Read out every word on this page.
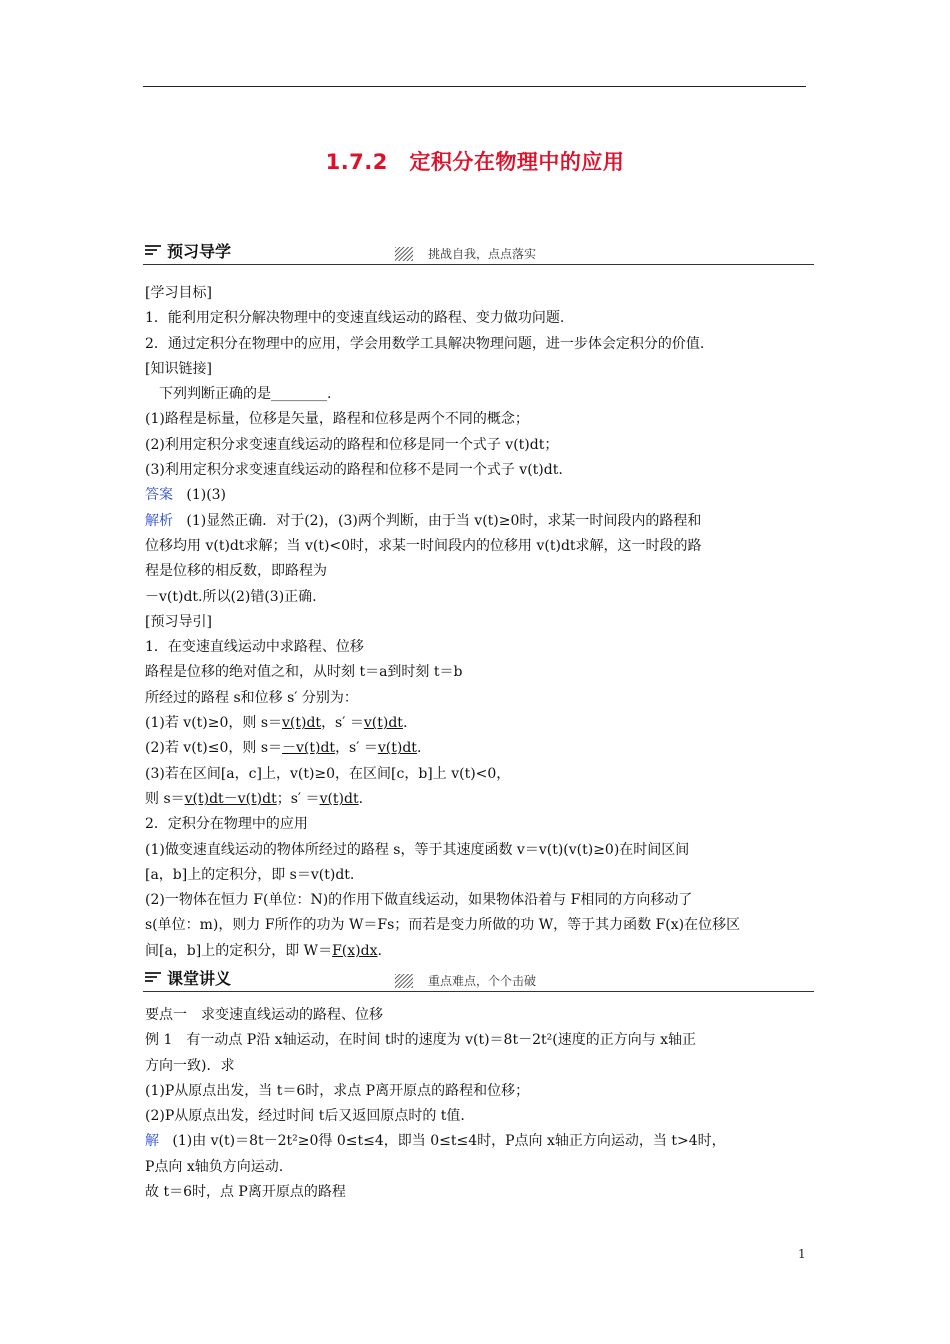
1.7.2　定积分在物理中的应用
预习导学	挑战自我，点点落实

[学习目标]

1．能利用定积分解决物理中的变速直线运动的路程、变力做功问题.

2．通过定积分在物理中的应用，学会用数学工具解决物理问题，进一步体会定积分的价值.

[知识链接]

下列判断正确的是________.

(1)路程是标量，位移是矢量，路程和位移是两个不同的概念；

(2)利用定积分求变速直线运动的路程和位移是同一个式子 v(t)dt；

(3)利用定积分求变速直线运动的路程和位移不是同一个式子 v(t)dt.

答案 (1)(3)

解析 (1)显然正确．对于(2)，(3)两个判断，由于当 v(t)≥0时，求某一时间段内的路程和

位移均用 v(t)dt求解；当 v(t)<0时，求某一时间段内的位移用 v(t)dt求解，这一时段的路

程是位移的相反数，即路程为

－v(t)dt.所以(2)错(3)正确.

[预习导引]

1．在变速直线运动中求路程、位移

路程是位移的绝对值之和，从时刻 t＝a到时刻 t＝b

所经过的路程 s和位移 s′ 分别为：

(1)若 v(t)≥0，则 s＝v(t)dt，s′ ＝v(t)dt.

(2)若 v(t)≤0，则 s＝－v(t)dt，s′ ＝v(t)dt.

(3)若在区间[a，c]上，v(t)≥0，在区间[c，b]上 v(t)<0，

则 s＝v(t)dt－v(t)dt；s′ ＝v(t)dt.

2．定积分在物理中的应用

(1)做变速直线运动的物体所经过的路程 s，等于其速度函数 v＝v(t)(v(t)≥0)在时间区间

[a，b]上的定积分，即 s＝v(t)dt.

(2)一物体在恒力 F(单位：N)的作用下做直线运动，如果物体沿着与 F相同的方向移动了

s(单位：m)，则力 F所作的功为 W＝Fs；而若是变力所做的功 W，等于其力函数 F(x)在位移区

间[a，b]上的定积分，即 W＝F(x)dx.

课堂讲义	重点难点，个个击破

要点一　求变速直线运动的路程、位移

例 1　有一动点 P沿 x轴运动，在时间 t时的速度为 v(t)＝8t－2t²(速度的正方向与 x轴正

方向一致)．求

(1)P从原点出发，当 t＝6时，求点 P离开原点的路程和位移；

(2)P从原点出发，经过时间 t后又返回原点时的 t值.

解 (1)由 v(t)＝8t－2t²≥0得 0≤t≤4，即当 0≤t≤4时，P点向 x轴正方向运动，当 t>4时，

P点向 x轴负方向运动.

故 t＝6时，点 P离开原点的路程

1
